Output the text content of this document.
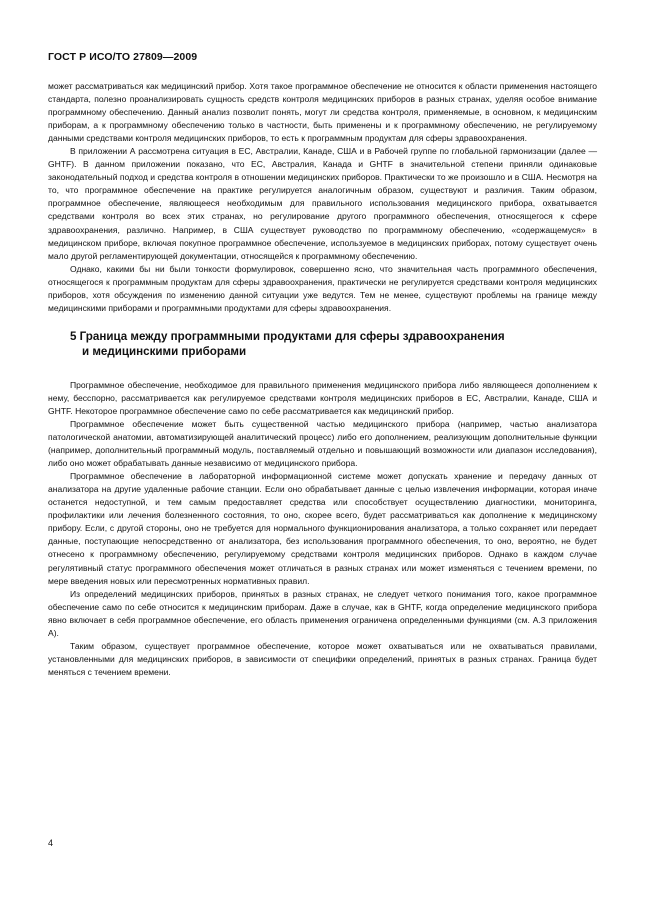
ГОСТ Р ИСО/ТО 27809—2009

может рассматриваться как медицинский прибор. Хотя такое программное обеспечение не относится к области применения настоящего стандарта, полезно проанализировать сущность средств контроля медицинских приборов в разных странах, уделяя особое внимание программному обеспечению. Данный анализ позволит понять, могут ли средства контроля, применяемые, в основном, к медицинским приборам, а к программному обеспечению только в частности, быть применены и к программному обеспечению, не регулируемому данными средствами контроля медицинских приборов, то есть к программным продуктам для сферы здравоохранения.

В приложении А рассмотрена ситуация в ЕС, Австралии, Канаде, США и в Рабочей группе по глобальной гармонизации (далее — GHTF). В данном приложении показано, что ЕС, Австралия, Канада и GHTF в значительной степени приняли одинаковые законодательный подход и средства контроля в отношении медицинских приборов. Практически то же произошло и в США. Несмотря на то, что программное обеспечение на практике регулируется аналогичным образом, существуют и различия. Таким образом, программное обеспечение, являющееся необходимым для правильного использования медицинского прибора, охватывается средствами контроля во всех этих странах, но регулирование другого программного обеспечения, относящегося к сфере здравоохранения, различно. Например, в США существует руководство по программному обеспечению, «содержащемуся» в медицинском приборе, включая покупное программное обеспечение, используемое в медицинских приборах, потому существует очень мало другой регламентирующей документации, относящейся к программному обеспечению.

Однако, какими бы ни были тонкости формулировок, совершенно ясно, что значительная часть программного обеспечения, относящегося к программным продуктам для сферы здравоохранения, практически не регулируется средствами контроля медицинских приборов, хотя обсуждения по изменению данной ситуации уже ведутся. Тем не менее, существуют проблемы на границе между медицинскими приборами и программными продуктами для сферы здравоохранения.

5 Граница между программными продуктами для сферы здравоохранения
и медицинскими приборами

Программное обеспечение, необходимое для правильного применения медицинского прибора либо являющееся дополнением к нему, бесспорно, рассматривается как регулируемое средствами контроля медицинских приборов в ЕС, Австралии, Канаде, США и GHTF. Некоторое программное обеспечение само по себе рассматривается как медицинский прибор.

Программное обеспечение может быть существенной частью медицинского прибора (например, частью анализатора патологической анатомии, автоматизирующей аналитический процесс) либо его дополнением, реализующим дополнительные функции (например, дополнительный программный модуль, поставляемый отдельно и повышающий возможности или диапазон исследования), либо оно может обрабатывать данные независимо от медицинского прибора.

Программное обеспечение в лабораторной информационной системе может допускать хранение и передачу данных от анализатора на другие удаленные рабочие станции. Если оно обрабатывает данные с целью извлечения информации, которая иначе останется недоступной, и тем самым предоставляет средства или способствует осуществлению диагностики, мониторинга, профилактики или лечения болезненного состояния, то оно, скорее всего, будет рассматриваться как дополнение к медицинскому прибору. Если, с другой стороны, оно не требуется для нормального функционирования анализатора, а только сохраняет или передает данные, поступающие непосредственно от анализатора, без использования программного обеспечения, то оно, вероятно, не будет отнесено к программному обеспечению, регулируемому средствами контроля медицинских приборов. Однако в каждом случае регулятивный статус программного обеспечения может отличаться в разных странах или может изменяться с течением времени, по мере введения новых или пересмотренных нормативных правил.

Из определений медицинских приборов, принятых в разных странах, не следует четкого понимания того, какое программное обеспечение само по себе относится к медицинским приборам. Даже в случае, как в GHTF, когда определение медицинского прибора явно включает в себя программное обеспечение, его область применения ограничена определенными функциями (см. А.3 приложения А).

Таким образом, существует программное обеспечение, которое может охватываться или не охватываться правилами, установленными для медицинских приборов, в зависимости от специфики определений, принятых в разных странах. Граница будет меняться с течением времени.

4
